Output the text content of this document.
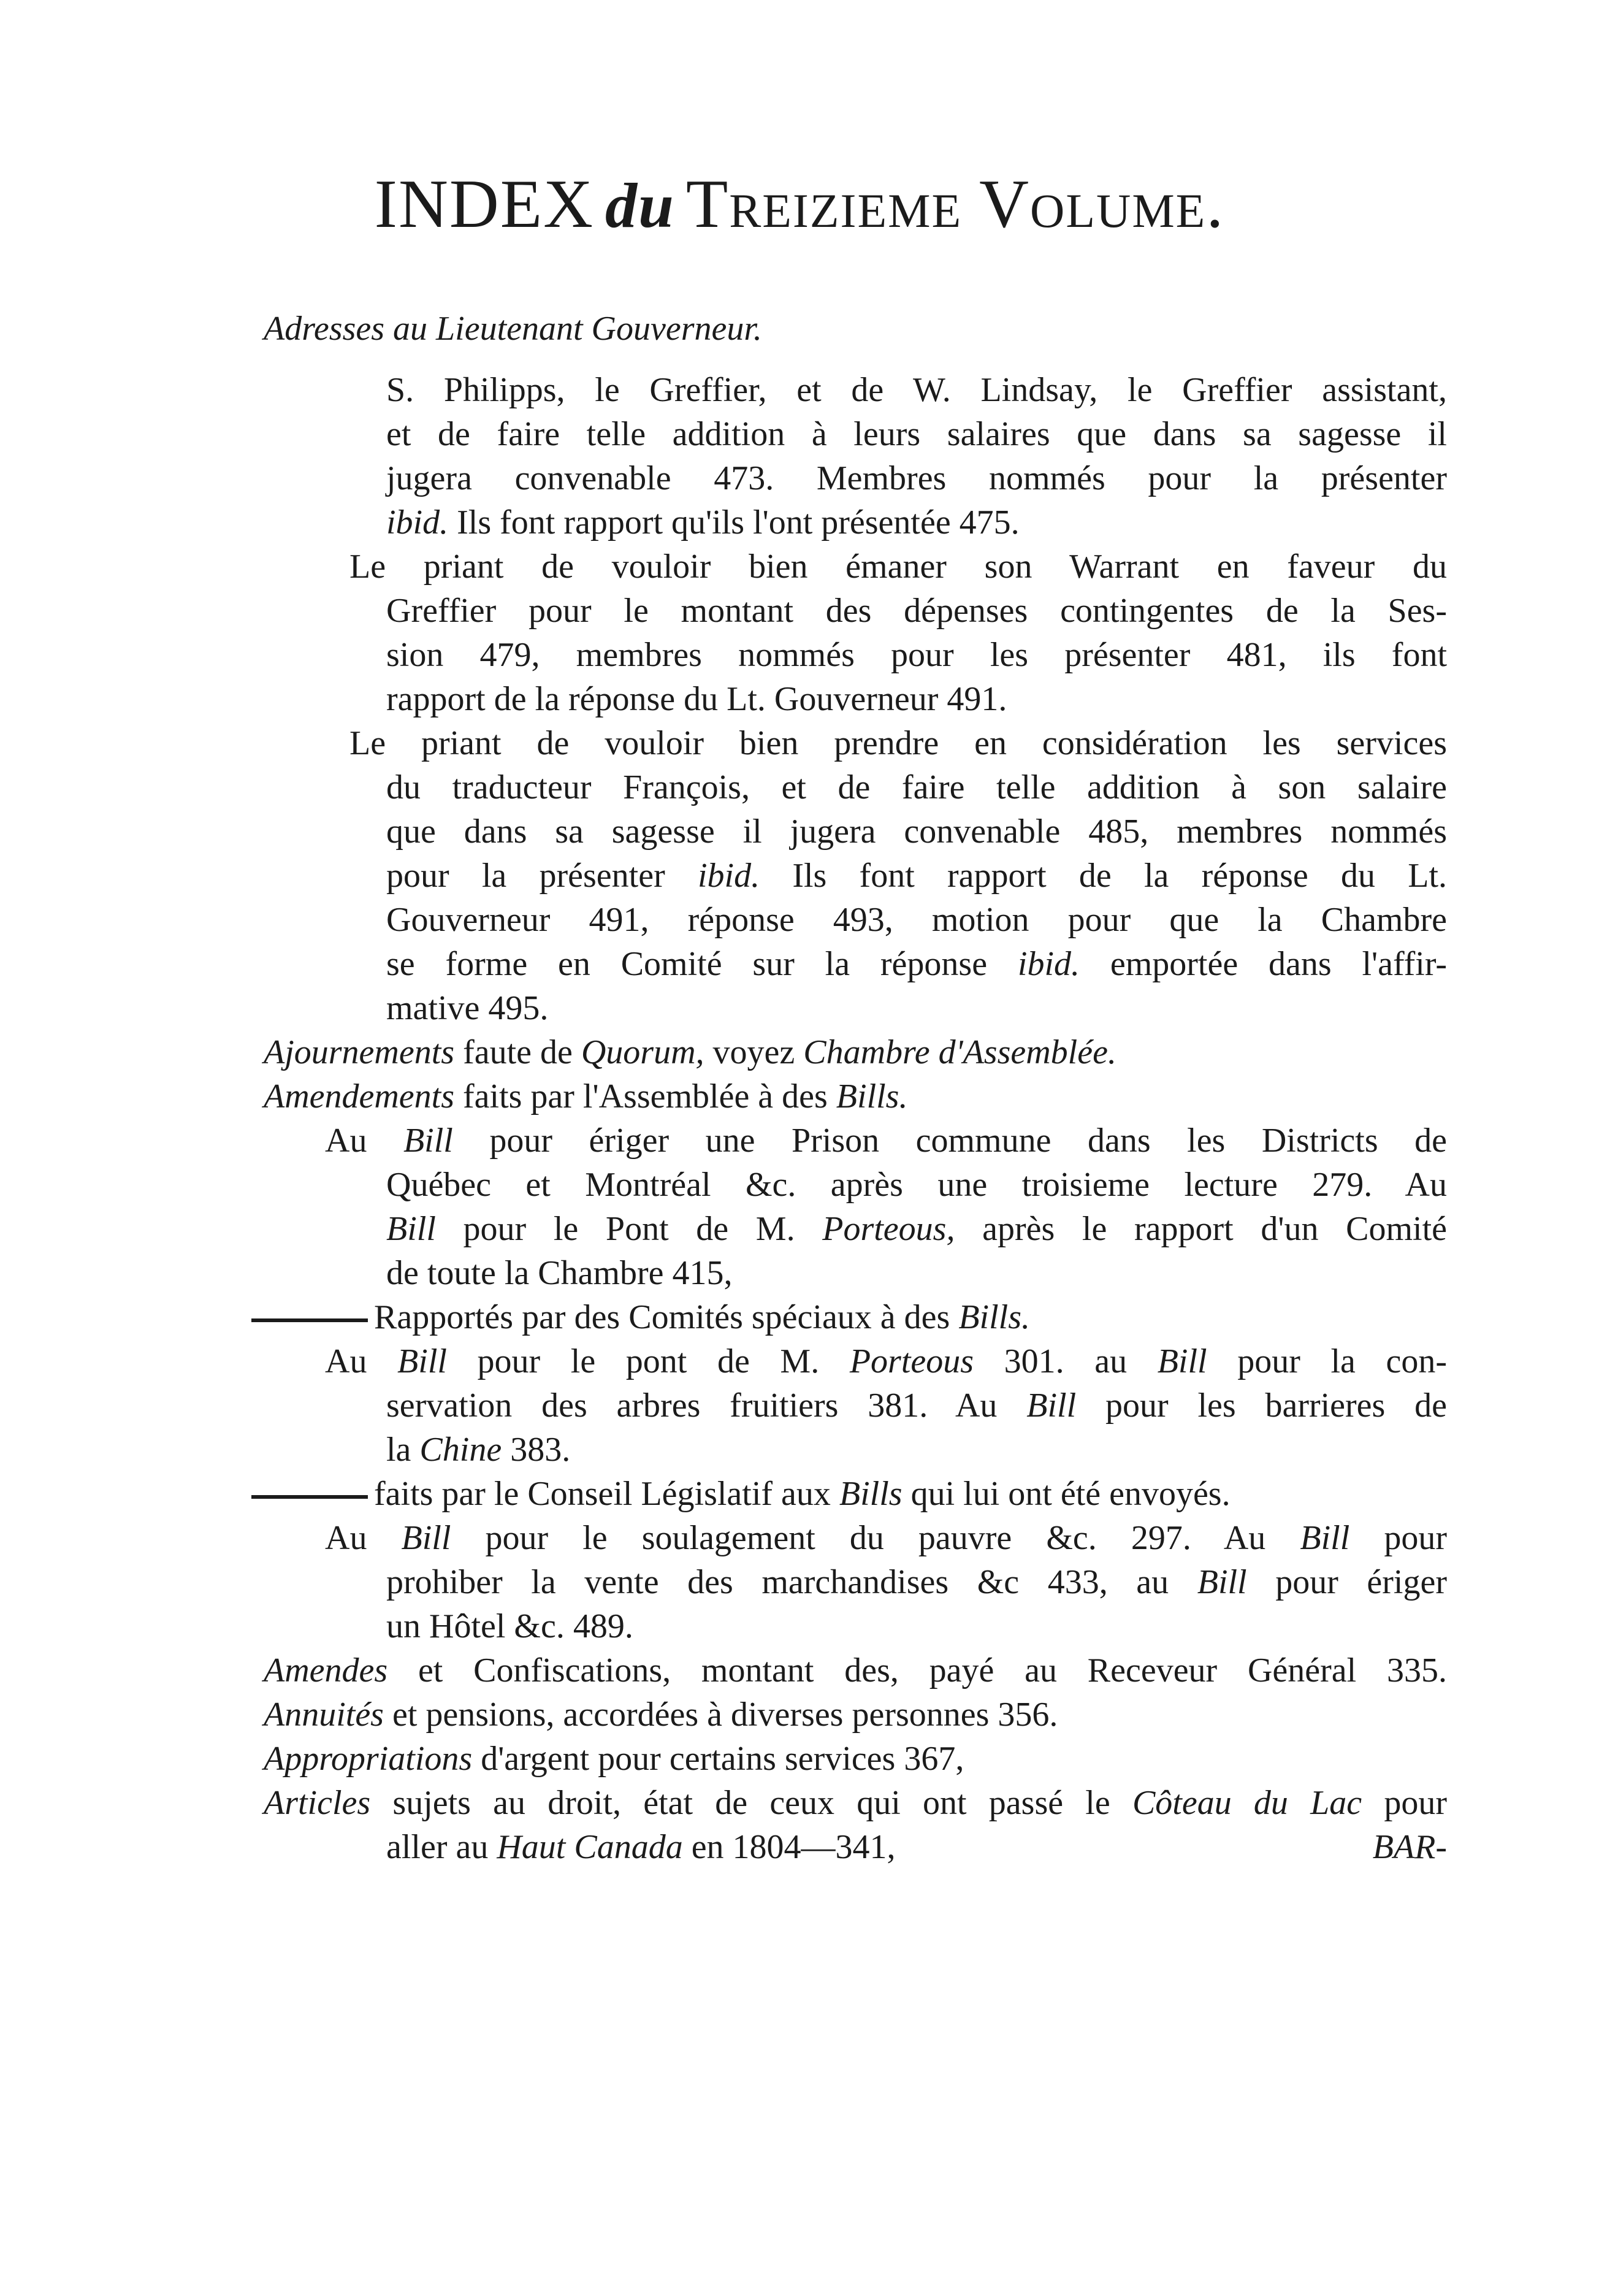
INDEX du Treizieme Volume.
Adresses au Lieutenant Gouverneur.
S. Philipps, le Greffier, et de W. Lindsay, le Greffier assistant,
et de faire telle addition à leurs salaires que dans sa sagesse il
jugera convenable 473. Membres nommés pour la présenter
ibid. Ils font rapport qu'ils l'ont présentée 475.
Le priant de vouloir bien émaner son Warrant en faveur du
Greffier pour le montant des dépenses contingentes de la Ses-
sion 479, membres nommés pour les présenter 481, ils font
rapport de la réponse du Lt. Gouverneur 491.
Le priant de vouloir bien prendre en considération les services
du traducteur François, et de faire telle addition à son salaire
que dans sa sagesse il jugera convenable 485, membres nommés
pour la présenter ibid. Ils font rapport de la réponse du Lt.
Gouverneur 491, réponse 493, motion pour que la Chambre
se forme en Comité sur la réponse ibid. emportée dans l'affir-
mative 495.
Ajournements faute de Quorum, voyez Chambre d'Assemblée.
Amendements faits par l'Assemblée à des Bills.
Au Bill pour ériger une Prison commune dans les Districts de
Québec et Montréal &c. après une troisieme lecture 279. Au
Bill pour le Pont de M. Porteous, après le rapport d'un Comité
de toute la Chambre 415,
Rapportés par des Comités spéciaux à des Bills.
Au Bill pour le pont de M. Porteous 301. au Bill pour la con-
servation des arbres fruitiers 381. Au Bill pour les barrieres de
la Chine 383.
faits par le Conseil Législatif aux Bills qui lui ont été envoyés.
Au Bill pour le soulagement du pauvre &c. 297. Au Bill pour
prohiber la vente des marchandises &c 433, au Bill pour ériger
un Hôtel &c. 489.
Amendes et Confiscations, montant des, payé au Receveur Général 335.
Annuités et pensions, accordées à diverses personnes 356.
Appropriations d'argent pour certains services 367,
Articles sujets au droit, état de ceux qui ont passé le Côteau du Lac pour
aller au Haut Canada en 1804—341,	BAR-
